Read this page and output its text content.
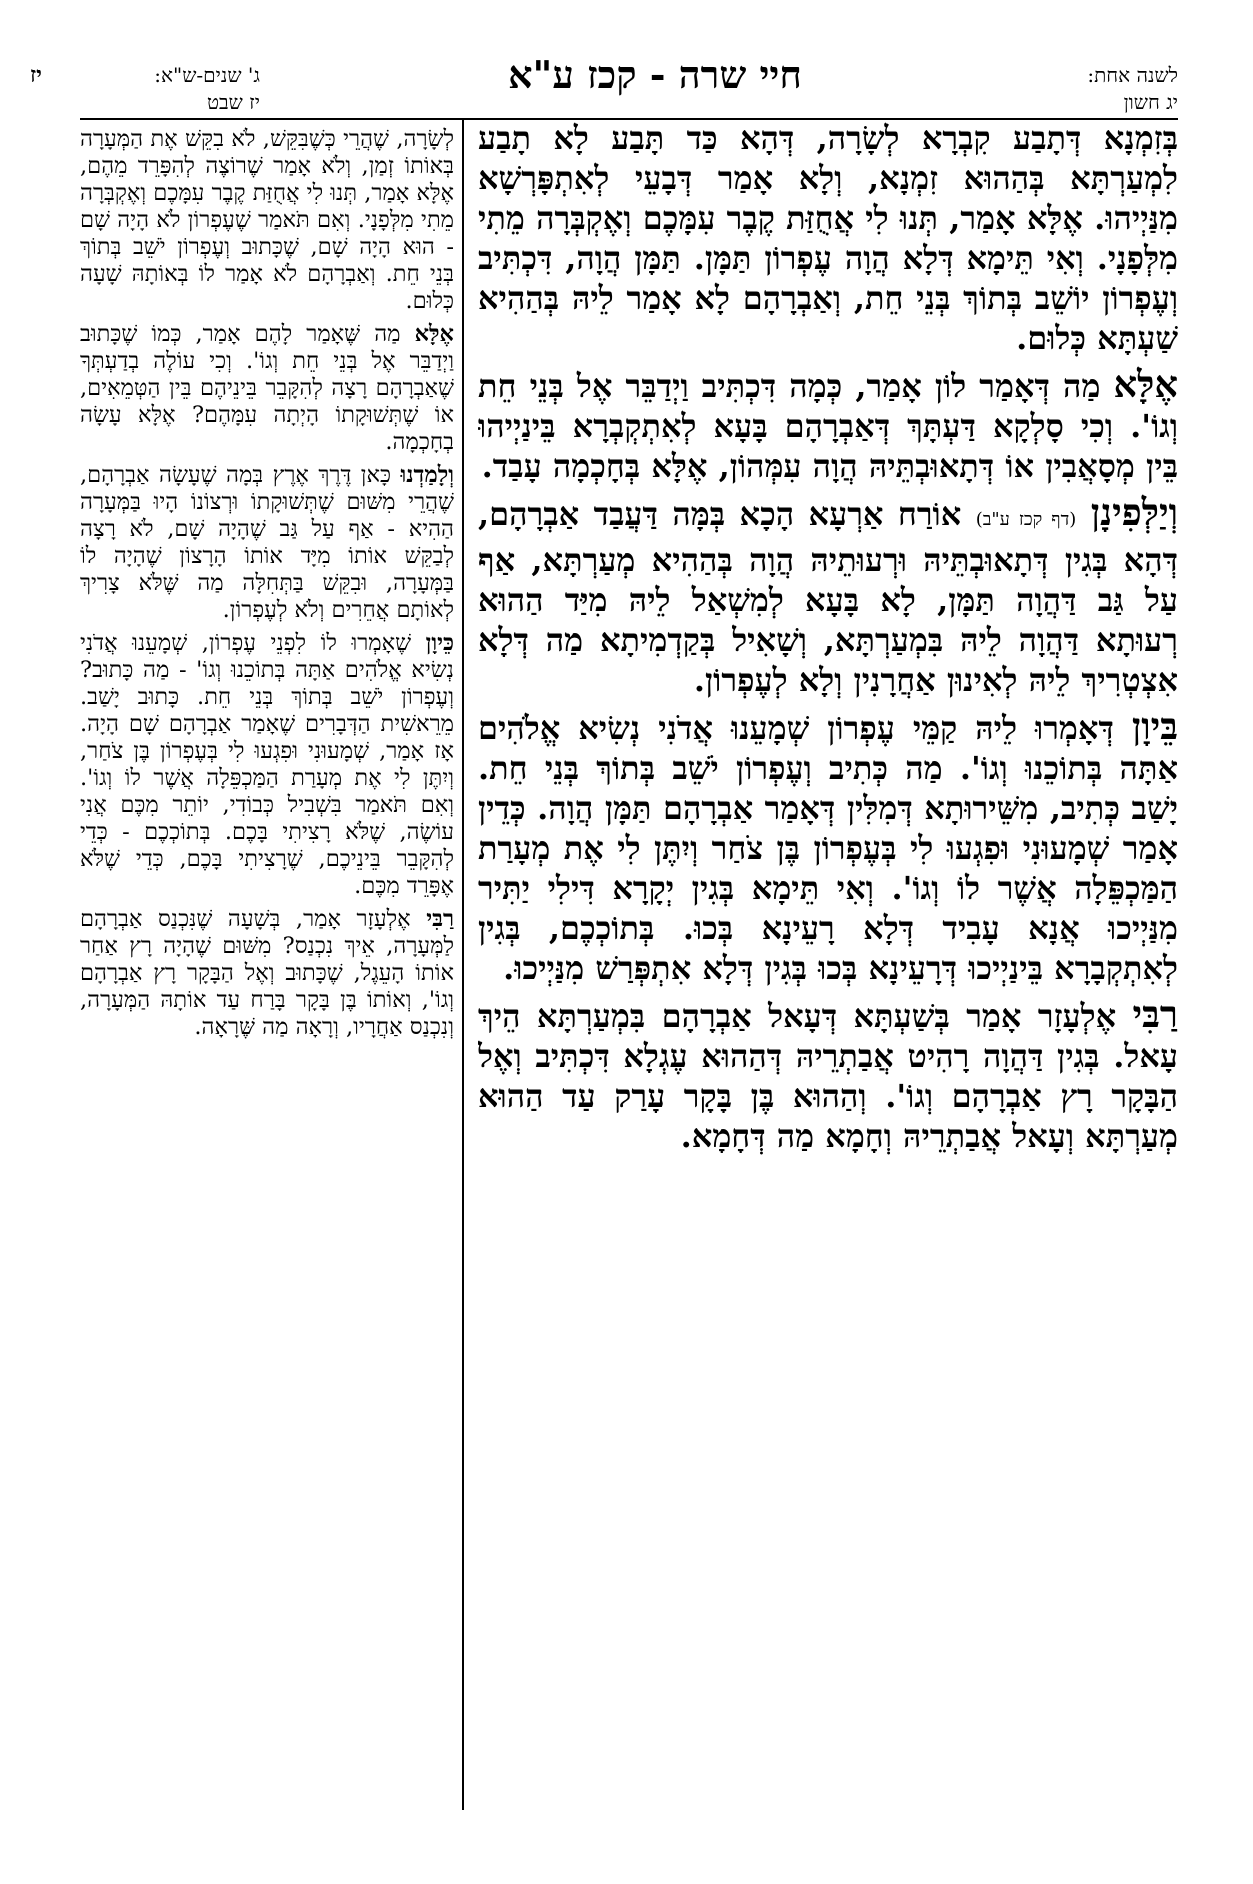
לשנה אחת:
יג חשון
חיי שרה - קכז ע"א
ג' שנים-ש"א:
יז שבט
יז

בְּזִמְנָא דְּתָבַע קִבְרָא לְשָׂרָה, דְּהָא כַּד תָּבַע לָא תָבַע לִמְעַרְתָּא בְּהַהוּא זִמְנָא, וְלָא אָמַר דְּבָעֵי לְאִתְפָּרְשָׁא מִנַּיְיהוּ. אֶלָּא אָמַר, תְּנוּ לִי אֲחֻזַּת קֶבֶר עִמָּכֶם וְאֶקְבְּרָה מֵתִי מִלְּפָנָי. וְאִי תֵּימָא דְּלָא הֲוָה עֶפְרוֹן תַּמָּן. תַּמָּן הֲוָה, דִּכְתִּיב וְעֶפְרוֹן יוֹשֵׁב בְּתוֹךְ בְּנֵי חֵת, וְאַבְרָהָם לָא אָמַר לֵיהּ בְּהַהִיא שַׁעְתָּא כְּלוּם.

אֶלָּא מַה דְּאָמַר לוֹן אָמַר, כְּמָה דִּכְתִּיב וַיְדַבֵּר אֶל בְּנֵי חֵת וְגוֹ'. וְכִי סָלְקָא דַּעְתָּךְ דְּאַבְרָהָם בָּעָא לְאִתְקְבְרָא בֵּינַיְיהוּ בֵּין מְסָאֲבִין אוֹ דְּתָאוּבְתֵּיהּ הֲוָה עִמְּהוֹן, אֶלָּא בְּחָכְמָה עָבַד.

וְיַלְּפִינָן (דף קכז ע"ב) אוֹרַח אַרְעָא הָכָא בְּמָּה דַּעֲבַד אַבְרָהָם, דְּהָא בְּגִין דְּתָאוּבְתֵּיהּ וּרְעוּתֵיהּ הֲוָה בְּהַהִיא מְעַרְתָּא, אַף עַל גַּב דַּהֲוָה תַּמָּן, לָא בָּעָא לְמִשְׁאַל לֵיהּ מִיַּד הַהוּא רְעוּתָא דַּהֲוָה לֵיהּ בִּמְעַרְתָּא, וְשָׁאִיל בְּקַדְמִיתָא מַה דְּלָא אִצְטְרִיךְ לֵיהּ לְאִינוּן אַחֲרָנִין וְלָא לְעֶפְרוֹן.

בֵּיוָן דְּאָמְרוּ לֵיהּ קַמֵּי עֶפְרוֹן שְׁמָעֵנוּ אֲדֹנִי נְשִׂיא אֱלֹהִים אַתָּה בְּתוֹכֵנוּ וְגוֹ'. מַה כְּתִיב וְעֶפְרוֹן יֹשֵׁב בְּתוֹךְ בְּנֵי חֵת. יָשַׁב כְּתִיב, מִשֵּׁירוּתָא דְּמִלִּין דְּאָמַר אַבְרָהָם תַּמָּן הֲוָה. כְּדֵין אָמַר שְׁמָעוּנִי וּפִגְעוּ לִי בְּעֶפְרוֹן בֶּן צֹחַר וְיִתֶּן לִי אֶת מְעָרַת הַמַּכְפֵּלָה אֲשֶׁר לוֹ וְגוֹ'. וְאִי תֵּימָא בְּגִין יְקָרָא דִּילִי יַתִּיר מִנַּיְיכוּ אֲנָא עָבִיד דְּלָא רָעֵינָא בְּכוּ. בְּתוֹכְכֶם, בְּגִין לְאִתְקְבָרָא בֵּינַיְיכוּ דְּרָעֵינָא בְּכוּ בְּגִין דְּלָא אִתְפְּרַשׁ מִנַּיְיכוּ.

רַבִּי אֶלְעָזָר אָמַר בְּשַׁעְתָּא דְּעָאל אַבְרָהָם בִּמְעַרְתָּא הֵיךְ עָאל. בְּגִין דַּהֲוָה רָהִיט אֲבַתְרֵיהּ דְּהַהוּא עֶגְלָא דִּכְתִּיב וְאֶל הַבָּקָר רָץ אַבְרָהָם וְגוֹ'. וְהַהוּא בֶּן בָּקָר עָרַק עַד הַהוּא מְעַרְתָּא וְעָאל אֲבַתְרֵיהּ וְחָמָא מַה דְּחָמָא.

לְשָׂרָה, שֶׁהֲרֵי כְּשֶׁבִּקֵּשׁ, לֹא בִקֵּשׁ אֶת הַמְּעָרָה בְּאוֹתוֹ זְמַן, וְלֹא אָמַר שֶׁרוֹצֶה לְהִפָּרֵד מֵהֶם, אֶלָּא אָמַר, תְּנוּ לִי אֲחֻזַּת קֶבֶר עִמָּכֶם וְאֶקְבְּרָה מֵתִי מִלְּפָנָי. וְאִם תֹּאמַר שֶׁעֶפְרוֹן לֹא הָיָה שָׁם - הוּא הָיָה שָׁם, שֶׁכָּתוּב וְעֶפְרוֹן יֹשֵׁב בְּתוֹךְ בְּנֵי חֵת. וְאַבְרָהָם לֹא אָמַר לוֹ בְּאוֹתָהּ שָׁעָה כְּלוּם.

אֶלָּא מַה שֶּׁאָמַר לָהֶם אָמַר, כְּמוֹ שֶׁכָּתוּב וַיְדַבֵּר אֶל בְּנֵי חֵת וְגוֹ'. וְכִי עוֹלֶה בְדַעְתְּךָ שֶׁאַבְרָהָם רָצָה לְהִקָּבֵר בֵּינֵיהֶם בֵּין הַטְּמֵאִים, אוֹ שֶׁתְּשׁוּקָתוֹ הָיְתָה עִמָּהֶם? אֶלָּא עָשָׂה בְחָכְמָה.

וְלָמַדְנוּ כָּאן דֶּרֶךְ אֶרֶץ בְּמָה שֶׁעָשָׂה אַבְרָהָם, שֶׁהֲרֵי מִשּׁוּם שֶׁתְּשׁוּקָתוֹ וּרְצוֹנוֹ הָיוּ בַּמְּעָרָה הַהִיא - אַף עַל גַּב שֶׁהָיָה שָׁם, לֹא רָצָה לְבַקֵּשׁ אוֹתוֹ מִיָּד אוֹתוֹ הָרָצוֹן שֶׁהָיָה לוֹ בַּמְּעָרָה, וּבִקֵּשׁ בַּתְּחִלָּה מַה שֶּׁלֹּא צָרִיךְ לְאוֹתָם אֲחֵרִים וְלֹא לְעֶפְרוֹן.

כֵּיוָן שֶׁאָמְרוּ לוֹ לִפְנֵי עֶפְרוֹן, שְׁמָעֵנוּ אֲדֹנִי נְשִׂיא אֱלֹהִים אַתָּה בְּתוֹכֵנוּ וְגוֹ' - מַה כָּתוּב? וְעֶפְרוֹן יֹשֵׁב בְּתוֹךְ בְּנֵי חֵת. כָּתוּב יָשַׁב. מֵרֵאשִׁית הַדְּבָרִים שֶׁאָמַר אַבְרָהָם שָׁם הָיָה. אָז אָמַר, שְׁמָעוּנִי וּפִגְעוּ לִי בְּעֶפְרוֹן בֶּן צֹחַר, וְיִתֶּן לִי אֶת מְעָרַת הַמַּכְפֵּלָה אֲשֶׁר לוֹ וְגוֹ'. וְאִם תֹּאמַר בִּשְׁבִיל כְּבוֹדִי, יוֹתֵר מִכֶּם אֲנִי עוֹשֶׂה, שֶׁלֹּא רָצִיתִי בָּכֶם. בְּתוֹכְכֶם - כְּדֵי לְהִקָּבֵר בֵּינֵיכֶם, שֶׁרָצִיתִי בָּכֶם, כְּדֵי שֶׁלֹּא אֶפָּרֵד מִכֶּם.

רַבִּי אֶלְעָזָר אָמַר, בְּשָׁעָה שֶׁנִּכְנַס אַבְרָהָם לַמְּעָרָה, אֵיךְ נִכְנַס? מִשּׁוּם שֶׁהָיָה רָץ אַחַר אוֹתוֹ הָעֵגֶל, שֶׁכָּתוּב וְאֶל הַבָּקָר רָץ אַבְרָהָם וְגוֹ', וְאוֹתוֹ בֶּן בָּקָר בָּרַח עַד אוֹתָהּ הַמְּעָרָה, וְנִכְנַס אַחֲרָיו, וְרָאָה מַה שֶּׁרָאָה.
